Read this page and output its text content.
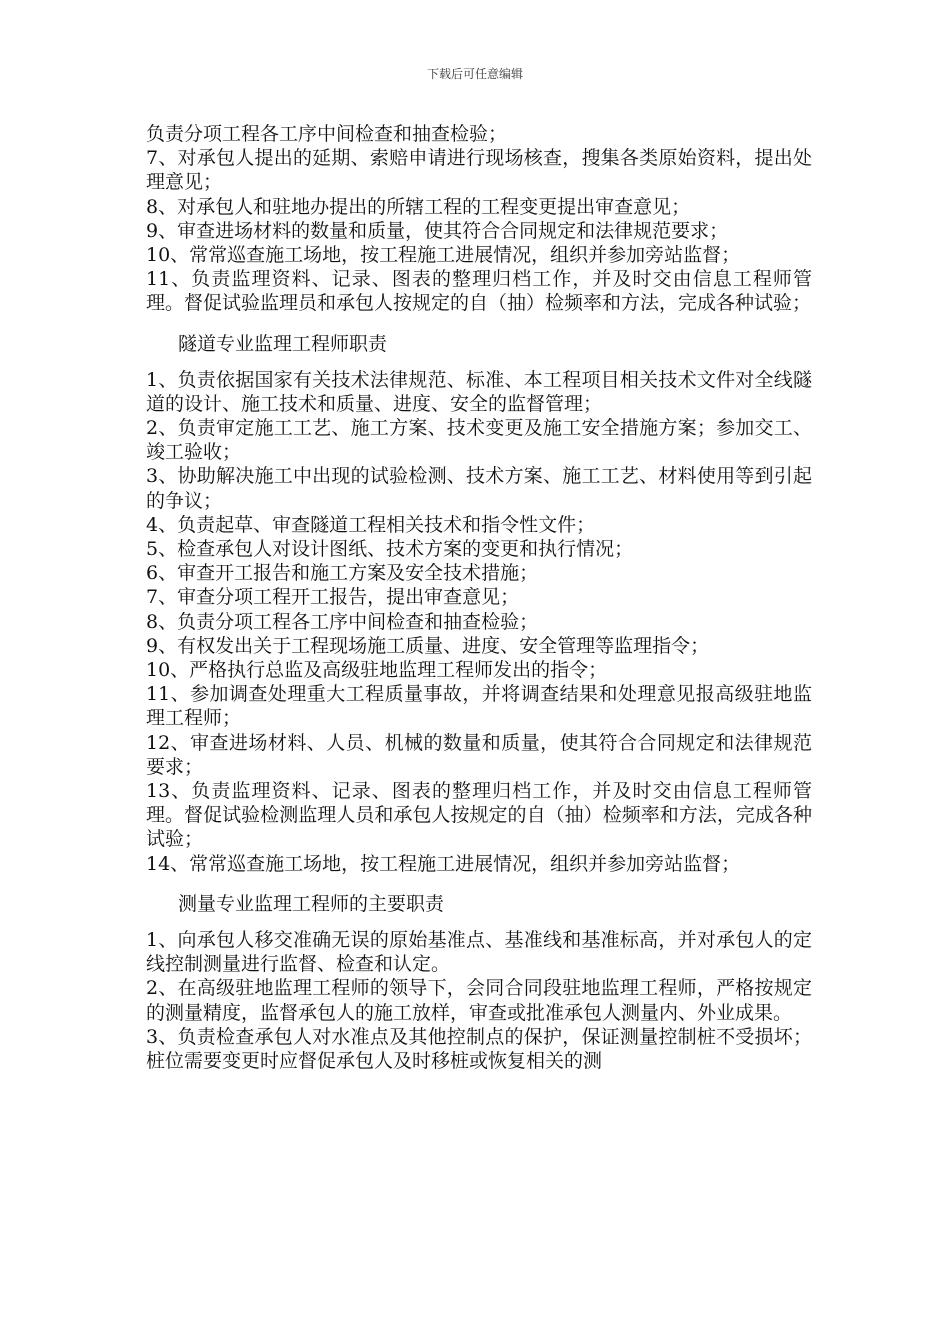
下载后可任意编辑

负责分项工程各工序中间检查和抽查检验；

7、对承包人提出的延期、索赔申请进行现场核查，搜集各类原始资料，提出处理意见；

8、对承包人和驻地办提出的所辖工程的工程变更提出审查意见；

9、审查进场材料的数量和质量，使其符合合同规定和法律规范要求；

10、常常巡查施工场地，按工程施工进展情况，组织并参加旁站监督；

11、负责监理资料、记录、图表的整理归档工作，并及时交由信息工程师管理。督促试验监理员和承包人按规定的自（抽）检频率和方法，完成各种试验；

隧道专业监理工程师职责

1、负责依据国家有关技术法律规范、标准、本工程项目相关技术文件对全线隧道的设计、施工技术和质量、进度、安全的监督管理；

2、负责审定施工工艺、施工方案、技术变更及施工安全措施方案；参加交工、竣工验收；

3、协助解决施工中出现的试验检测、技术方案、施工工艺、材料使用等到引起的争议；

4、负责起草、审查隧道工程相关技术和指令性文件；

5、检查承包人对设计图纸、技术方案的变更和执行情况；

6、审查开工报告和施工方案及安全技术措施；

7、审查分项工程开工报告，提出审查意见；

8、负责分项工程各工序中间检查和抽查检验；

9、有权发出关于工程现场施工质量、进度、安全管理等监理指令；

10、严格执行总监及高级驻地监理工程师发出的指令；

11、参加调查处理重大工程质量事故，并将调查结果和处理意见报高级驻地监理工程师；

12、审查进场材料、人员、机械的数量和质量，使其符合合同规定和法律规范要求；

13、负责监理资料、记录、图表的整理归档工作，并及时交由信息工程师管理。督促试验检测监理人员和承包人按规定的自（抽）检频率和方法，完成各种试验；

14、常常巡查施工场地，按工程施工进展情况，组织并参加旁站监督；

测量专业监理工程师的主要职责

1、向承包人移交准确无误的原始基准点、基准线和基准标高，并对承包人的定线控制测量进行监督、检查和认定。

2、在高级驻地监理工程师的领导下，会同合同段驻地监理工程师，严格按规定的测量精度，监督承包人的施工放样，审查或批准承包人测量内、外业成果。

3、负责检查承包人对水准点及其他控制点的保护，保证测量控制桩不受损坏；桩位需要变更时应督促承包人及时移桩或恢复相关的测
